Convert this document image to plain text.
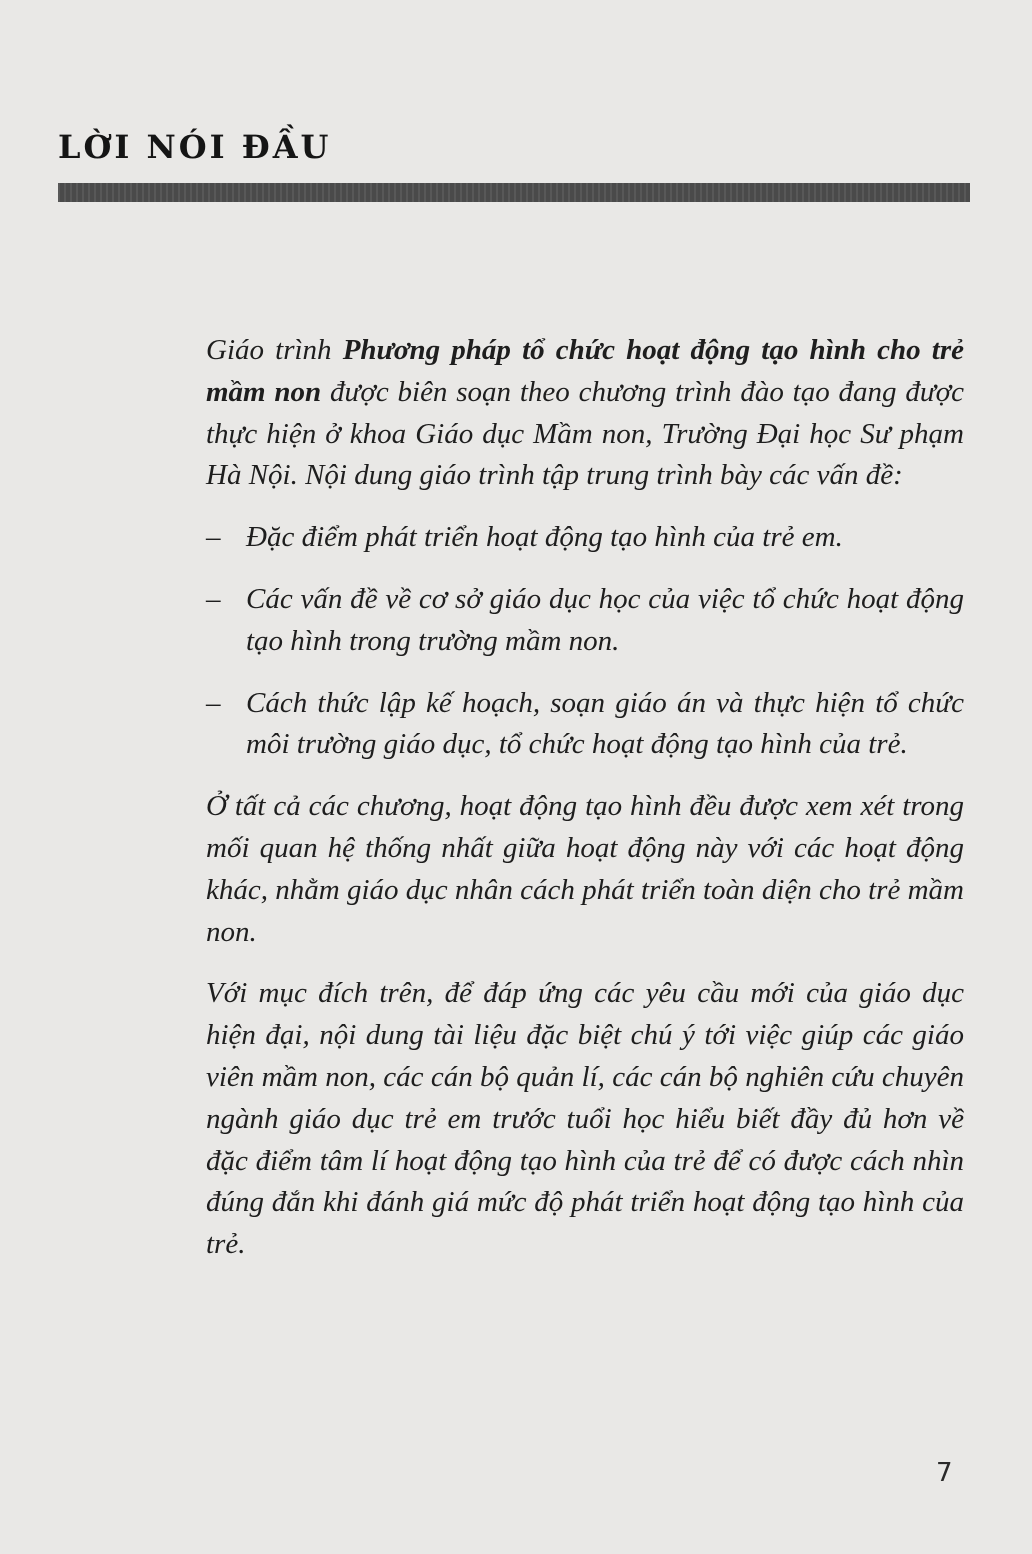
LỜI NÓI ĐẦU

Giáo trình Phương pháp tổ chức hoạt động tạo hình cho trẻ mầm non được biên soạn theo chương trình đào tạo đang được thực hiện ở khoa Giáo dục Mầm non, Trường Đại học Sư phạm Hà Nội. Nội dung giáo trình tập trung trình bày các vấn đề:

– Đặc điểm phát triển hoạt động tạo hình của trẻ em.
– Các vấn đề về cơ sở giáo dục học của việc tổ chức hoạt động tạo hình trong trường mầm non.
– Cách thức lập kế hoạch, soạn giáo án và thực hiện tổ chức môi trường giáo dục, tổ chức hoạt động tạo hình của trẻ.

Ở tất cả các chương, hoạt động tạo hình đều được xem xét trong mối quan hệ thống nhất giữa hoạt động này với các hoạt động khác, nhằm giáo dục nhân cách phát triển toàn diện cho trẻ mầm non.

Với mục đích trên, để đáp ứng các yêu cầu mới của giáo dục hiện đại, nội dung tài liệu đặc biệt chú ý tới việc giúp các giáo viên mầm non, các cán bộ quản lí, các cán bộ nghiên cứu chuyên ngành giáo dục trẻ em trước tuổi học hiểu biết đầy đủ hơn về đặc điểm tâm lí hoạt động tạo hình của trẻ để có được cách nhìn đúng đắn khi đánh giá mức độ phát triển hoạt động tạo hình của trẻ.

7
